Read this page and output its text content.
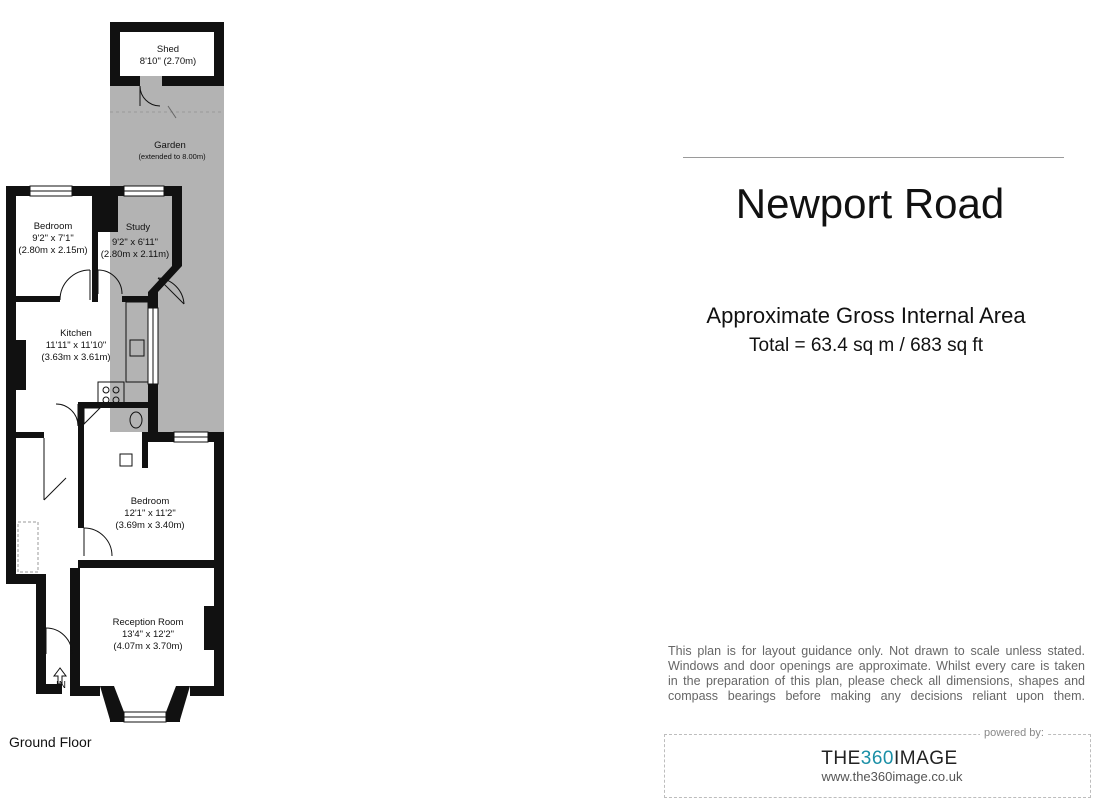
Shed
8'10" (2.70m)
Garden
(extended to 8.00m)
Bedroom
9'2" x 7'1"
(2.80m x 2.15m)
Study
9'2" x 6'11"
(2.80m x 2.11m)
Kitchen
11'11" x 11'10"
(3.63m x 3.61m)
Bedroom
12'1" x 11'2"
(3.69m x 3.40m)
Reception Room
13'4" x 12'2"
(4.07m x 3.70m)
IN
Ground Floor
Newport Road
Approximate Gross Internal Area
Total = 63.4 sq m / 683 sq ft
This plan is for layout guidance only. Not drawn to scale unless stated.
Windows and door openings are approximate. Whilst every care is taken
in the preparation of this plan, please check all dimensions, shapes and
compass bearings before making any decisions reliant upon them.
powered by:
THE360IMAGE
www.the360image.co.uk
